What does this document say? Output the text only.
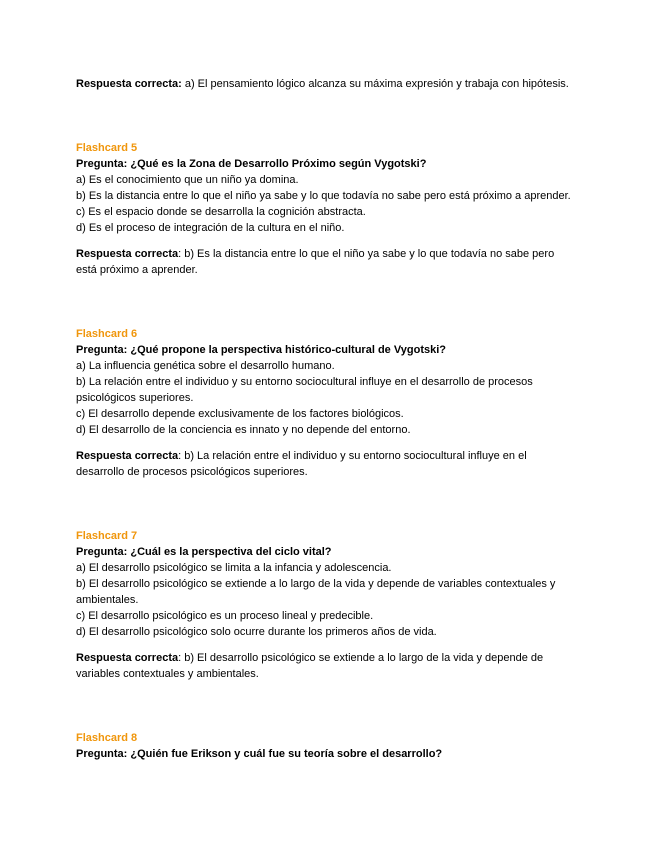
Respuesta correcta: a) El pensamiento lógico alcanza su máxima expresión y trabaja con hipótesis.

Flashcard 5

Pregunta: ¿Qué es la Zona de Desarrollo Próximo según Vygotski?

a) Es el conocimiento que un niño ya domina.

b) Es la distancia entre lo que el niño ya sabe y lo que todavía no sabe pero está próximo a aprender.

c) Es el espacio donde se desarrolla la cognición abstracta.

d) Es el proceso de integración de la cultura en el niño.

Respuesta correcta: b) Es la distancia entre lo que el niño ya sabe y lo que todavía no sabe pero está próximo a aprender.

Flashcard 6

Pregunta: ¿Qué propone la perspectiva histórico-cultural de Vygotski?

a) La influencia genética sobre el desarrollo humano.

b) La relación entre el individuo y su entorno sociocultural influye en el desarrollo de procesos psicológicos superiores.

c) El desarrollo depende exclusivamente de los factores biológicos.

d) El desarrollo de la conciencia es innato y no depende del entorno.

Respuesta correcta: b) La relación entre el individuo y su entorno sociocultural influye en el desarrollo de procesos psicológicos superiores.

Flashcard 7

Pregunta: ¿Cuál es la perspectiva del ciclo vital?

a) El desarrollo psicológico se limita a la infancia y adolescencia.

b) El desarrollo psicológico se extiende a lo largo de la vida y depende de variables contextuales y ambientales.

c) El desarrollo psicológico es un proceso lineal y predecible.

d) El desarrollo psicológico solo ocurre durante los primeros años de vida.

Respuesta correcta: b) El desarrollo psicológico se extiende a lo largo de la vida y depende de variables contextuales y ambientales.

Flashcard 8

Pregunta: ¿Quién fue Erikson y cuál fue su teoría sobre el desarrollo?
